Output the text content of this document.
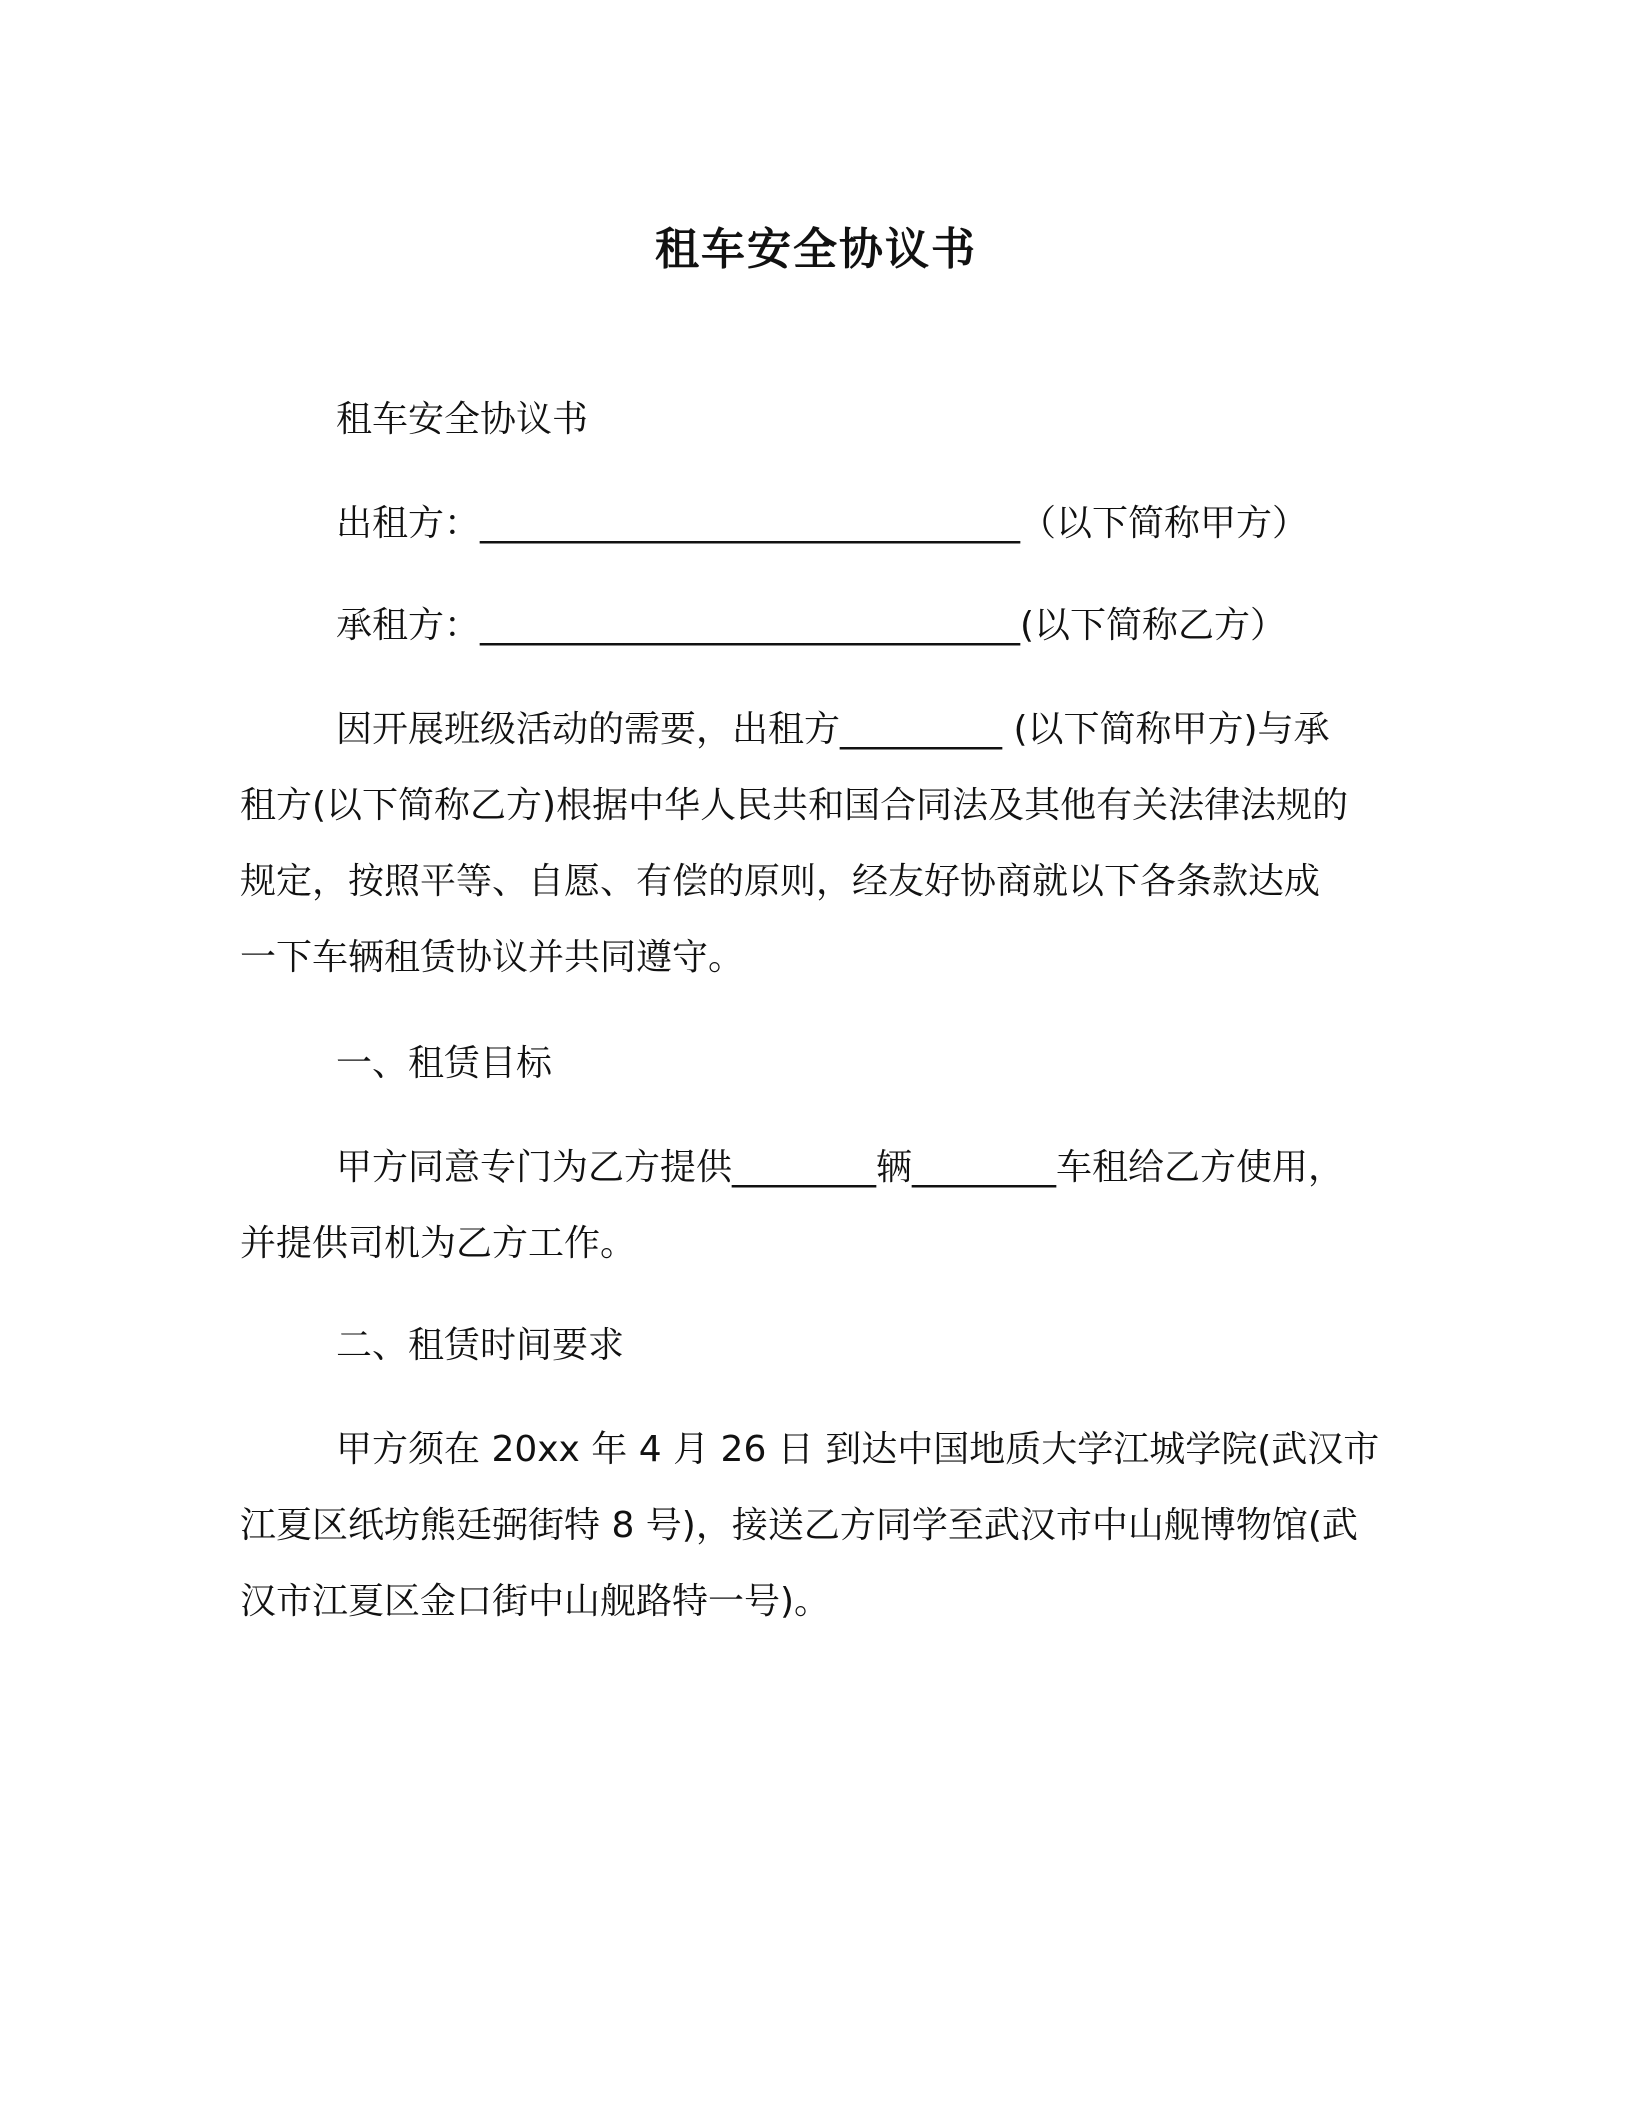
租车安全协议书
租车安全协议书
出租方：______________________________（以下简称甲方）
承租方：______________________________(以下简称乙方）
因开展班级活动的需要，出租方_________ (以下简称甲方)与承
租方(以下简称乙方)根据中华人民共和国合同法及其他有关法律法规的
规定，按照平等、自愿、有偿的原则，经友好协商就以下各条款达成
一下车辆租赁协议并共同遵守。
一、租赁目标
甲方同意专门为乙方提供________辆________车租给乙方使用，
并提供司机为乙方工作。
二、租赁时间要求
甲方须在 20xx 年 4 月 26 日 到达中国地质大学江城学院(武汉市
江夏区纸坊熊廷弼街特 8 号)，接送乙方同学至武汉市中山舰博物馆(武
汉市江夏区金口街中山舰路特一号)。
